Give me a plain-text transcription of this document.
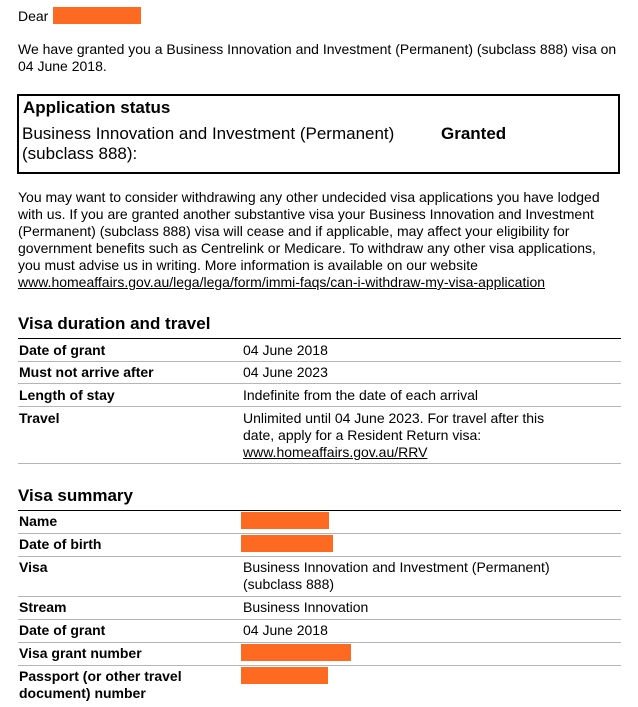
Dear
We have granted you a Business Innovation and Investment (Permanent) (subclass 888) visa on 04 June 2018.
Application status
Business Innovation and Investment (Permanent) (subclass 888):
Granted
You may want to consider withdrawing any other undecided visa applications you have lodged with us. If you are granted another substantive visa your Business Innovation and Investment (Permanent) (subclass 888) visa will cease and if applicable, may affect your eligibility for government benefits such as Centrelink or Medicare. To withdraw any other visa applications, you must advise us in writing. More information is available on our website www.homeaffairs.gov.au/lega/lega/form/immi-faqs/can-i-withdraw-my-visa-application
Visa duration and travel
Date of grant	04 June 2018
Must not arrive after	04 June 2023
Length of stay	Indefinite from the date of each arrival
Travel	Unlimited until 04 June 2023. For travel after this date, apply for a Resident Return visa:
www.homeaffairs.gov.au/RRV
Visa summary
Name
Date of birth
Visa	Business Innovation and Investment (Permanent) (subclass 888)
Stream	Business Innovation
Date of grant	04 June 2018
Visa grant number
Passport (or other travel document) number
